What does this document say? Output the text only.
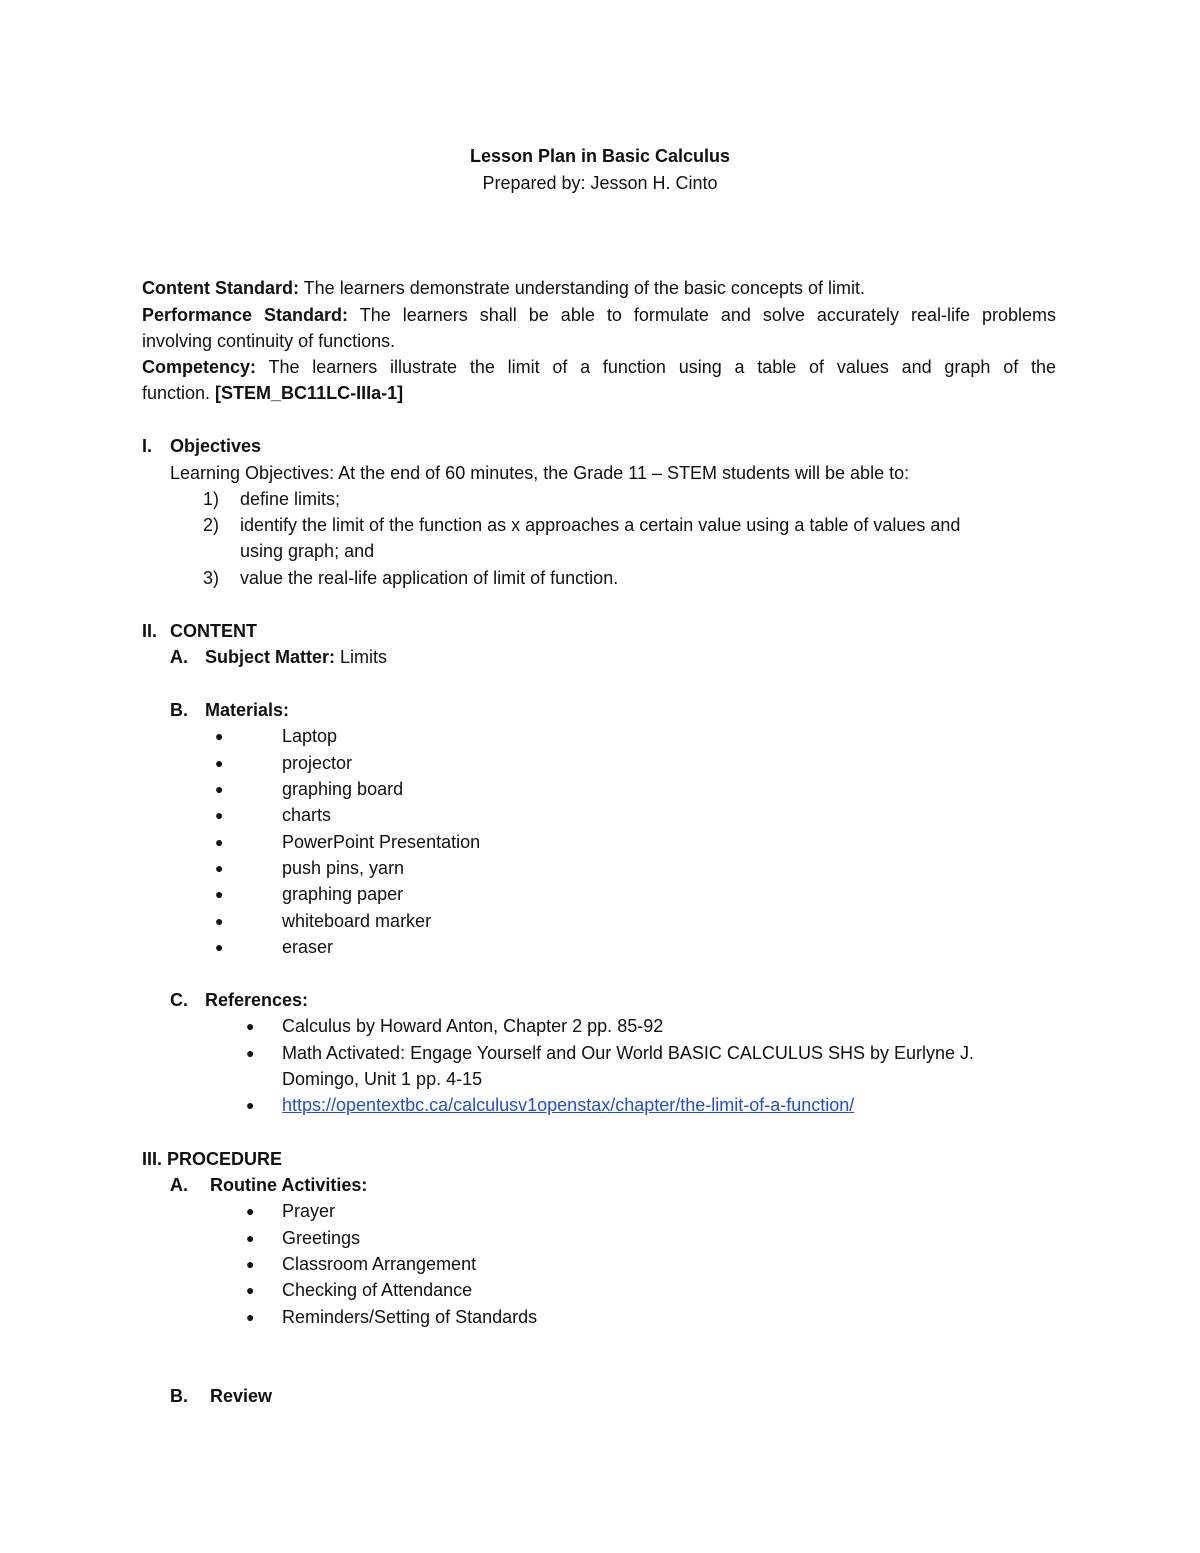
Lesson Plan in Basic Calculus
Prepared by: Jesson H. Cinto
Content Standard: The learners demonstrate understanding of the basic concepts of limit.
Performance Standard: The learners shall be able to formulate and solve accurately real-life problems
involving continuity of functions.
Competency: The learners illustrate the limit of a function using a table of values and graph of the
function. [STEM_BC11LC-IIIa-1]
I. Objectives
Learning Objectives: At the end of 60 minutes, the Grade 11 – STEM students will be able to:
1) define limits;
2) identify the limit of the function as x approaches a certain value using a table of values and
using graph; and
3) value the real-life application of limit of function.
II. CONTENT
A. Subject Matter: Limits
B. Materials:
●	Laptop
●	projector
●	graphing board
●	charts
●	PowerPoint Presentation
●	push pins, yarn
●	graphing paper
●	whiteboard marker
●	eraser
C. References:
● Calculus by Howard Anton, Chapter 2 pp. 85-92
● Math Activated: Engage Yourself and Our World BASIC CALCULUS SHS by Eurlyne J.
Domingo, Unit 1 pp. 4-15
● https://opentextbc.ca/calculusv1openstax/chapter/the-limit-of-a-function/
III. PROCEDURE
A. Routine Activities:
● Prayer
● Greetings
● Classroom Arrangement
● Checking of Attendance
● Reminders/Setting of Standards
B. Review
